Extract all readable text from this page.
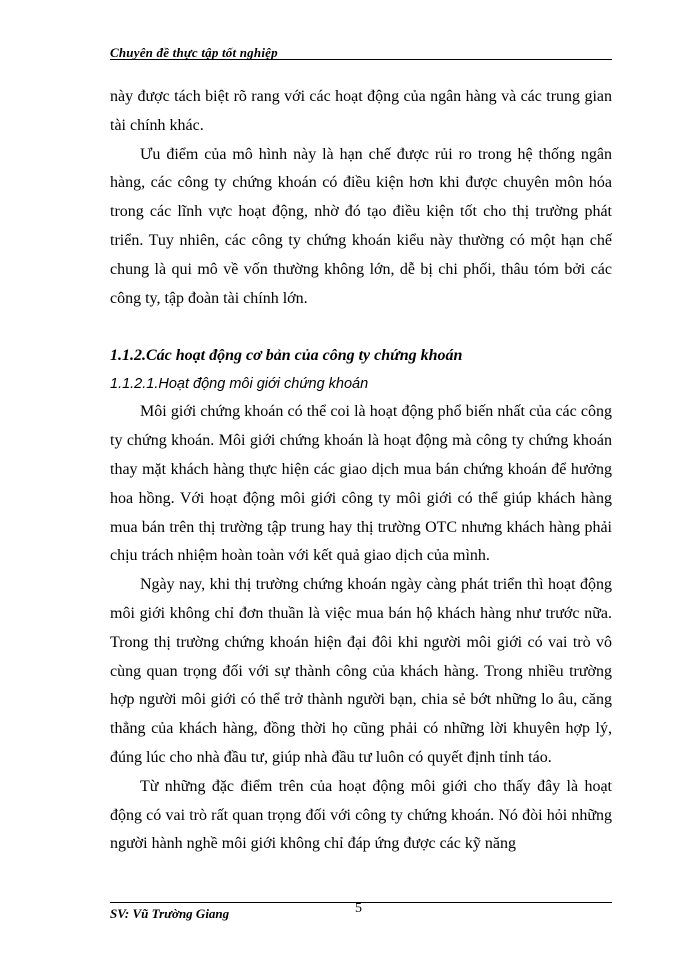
Chuyên đề thực tập tốt nghiệp

này được tách biệt rõ rang với các hoạt động của ngân hàng và các trung gian tài chính khác.

Ưu điểm của mô hình này là hạn chế được rủi ro trong hệ thống ngân hàng, các công ty chứng khoán có điều kiện hơn khi được chuyên môn hóa trong các lĩnh vực hoạt động, nhờ đó tạo điều kiện tốt cho thị trường phát triển. Tuy nhiên, các công ty chứng khoán kiểu này thường có một hạn chế chung là qui mô về vốn thường không lớn, dễ bị chi phối, thâu tóm bởi các công ty, tập đoàn tài chính lớn.

1.1.2.Các hoạt động cơ bản của công ty chứng khoán

1.1.2.1.Hoạt động môi giới chứng khoán

Môi giới chứng khoán có thể coi là hoạt động phổ biến nhất của các công ty chứng khoán. Môi giới chứng khoán là hoạt động mà công ty chứng khoán thay mặt khách hàng thực hiện các giao dịch mua bán chứng khoán để hưởng hoa hồng. Với hoạt động môi giới công ty môi giới có thể giúp khách hàng mua bán trên thị trường tập trung hay thị trường OTC nhưng khách hàng phải chịu trách nhiệm hoàn toàn với kết quả giao dịch của mình.

Ngày nay, khi thị trường chứng khoán ngày càng phát triển thì hoạt động môi giới không chỉ đơn thuần là việc mua bán hộ khách hàng như trước nữa. Trong thị trường chứng khoán hiện đại đôi khi người môi giới có vai trò vô cùng quan trọng đối với sự thành công của khách hàng. Trong nhiều trường hợp người môi giới có thể trở thành người bạn, chia sẻ bớt những lo âu, căng thẳng của khách hàng, đồng thời họ cũng phải có những lời khuyên hợp lý, đúng lúc cho nhà đầu tư, giúp nhà đầu tư luôn có quyết định tỉnh táo.

Từ những đặc điểm trên của hoạt động môi giới cho thấy đây là hoạt động có vai trò rất quan trọng đối với công ty chứng khoán. Nó đòi hỏi những người hành nghề môi giới không chỉ đáp ứng được các kỹ năng

SV: Vũ Trường Giang	5
